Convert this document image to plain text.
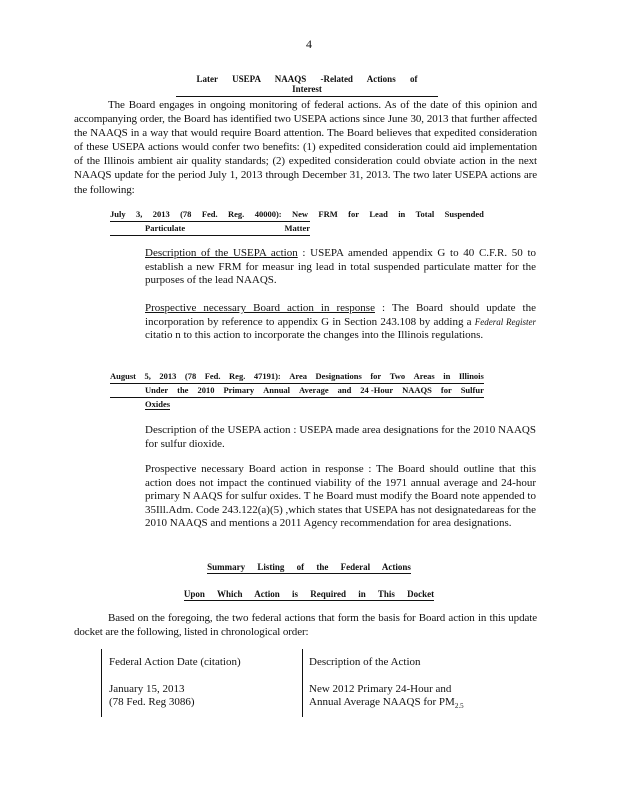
4
Later USEPA NAAQS -Related Actions of Interest

The Board engages in ongoing monitoring of federal actions. As of the date of this opinion and accompanying order, the Board has identified two USEPA actions since June 30, 2013 that further affected the NAAQS in a way that would require Board attention. The Board believes that expedited consideration of these USEPA actions would confer two benefits: (1) expedited consideration could aid implementation of the Illinois ambient air quality standards; (2) expedited consideration could obviate action in the next NAAQS update for the period July 1, 2013 through December 31, 2013. The two later USEPA actions are the following:

July 3, 2013 (78 Fed. Reg. 40000): New FRM for Lead in Total Suspended
Particulate	Matter
Description of the USEPA action : USEPA amended appendix G to 40 C.F.R. 50 to establish a new FRM for measur ing lead in total suspended particulate matter for the purposes of the lead NAAQS.
Prospective necessary Board action in response : The Board should update the incorporation by reference to appendix G in Section 243.108 by adding a Federal Register citatio n to this action to incorporate the changes into the Illinois regulations.
August 5, 2013 (78 Fed. Reg. 47191): Area Designations for Two Areas in Illinois
Under the 2010 Primary Annual Average and 24 -Hour NAAQS for Sulfur
Oxides
Description of the USEPA action : USEPA made area designations for the 2010 NAAQS for sulfur dioxide.
Prospective necessary Board action in response : The Board should outline that this action does not impact the continued viability of the 1971 annual average and 24-hour primary N AAQS for sulfur oxides. T he Board must modify the Board note appended to 35Ill.Adm. Code 243.122(a)(5) ,which states that USEPA has not designatedareas for the 2010 NAAQS and mentions a 2011 Agency recommendation for area designations.
Summary Listing of the Federal Actions
Upon Which Action is Required in This Docket

Based on the foregoing, the two federal actions that form the basis for Board action in this update docket are the following, listed in chronological order:

Federal Action Date (citation)
January 15, 2013
(78 Fed. Reg 3086)
Description of the Action
New 2012 Primary 24-Hour and
Annual Average NAAQS for $PM_{2.5}$
